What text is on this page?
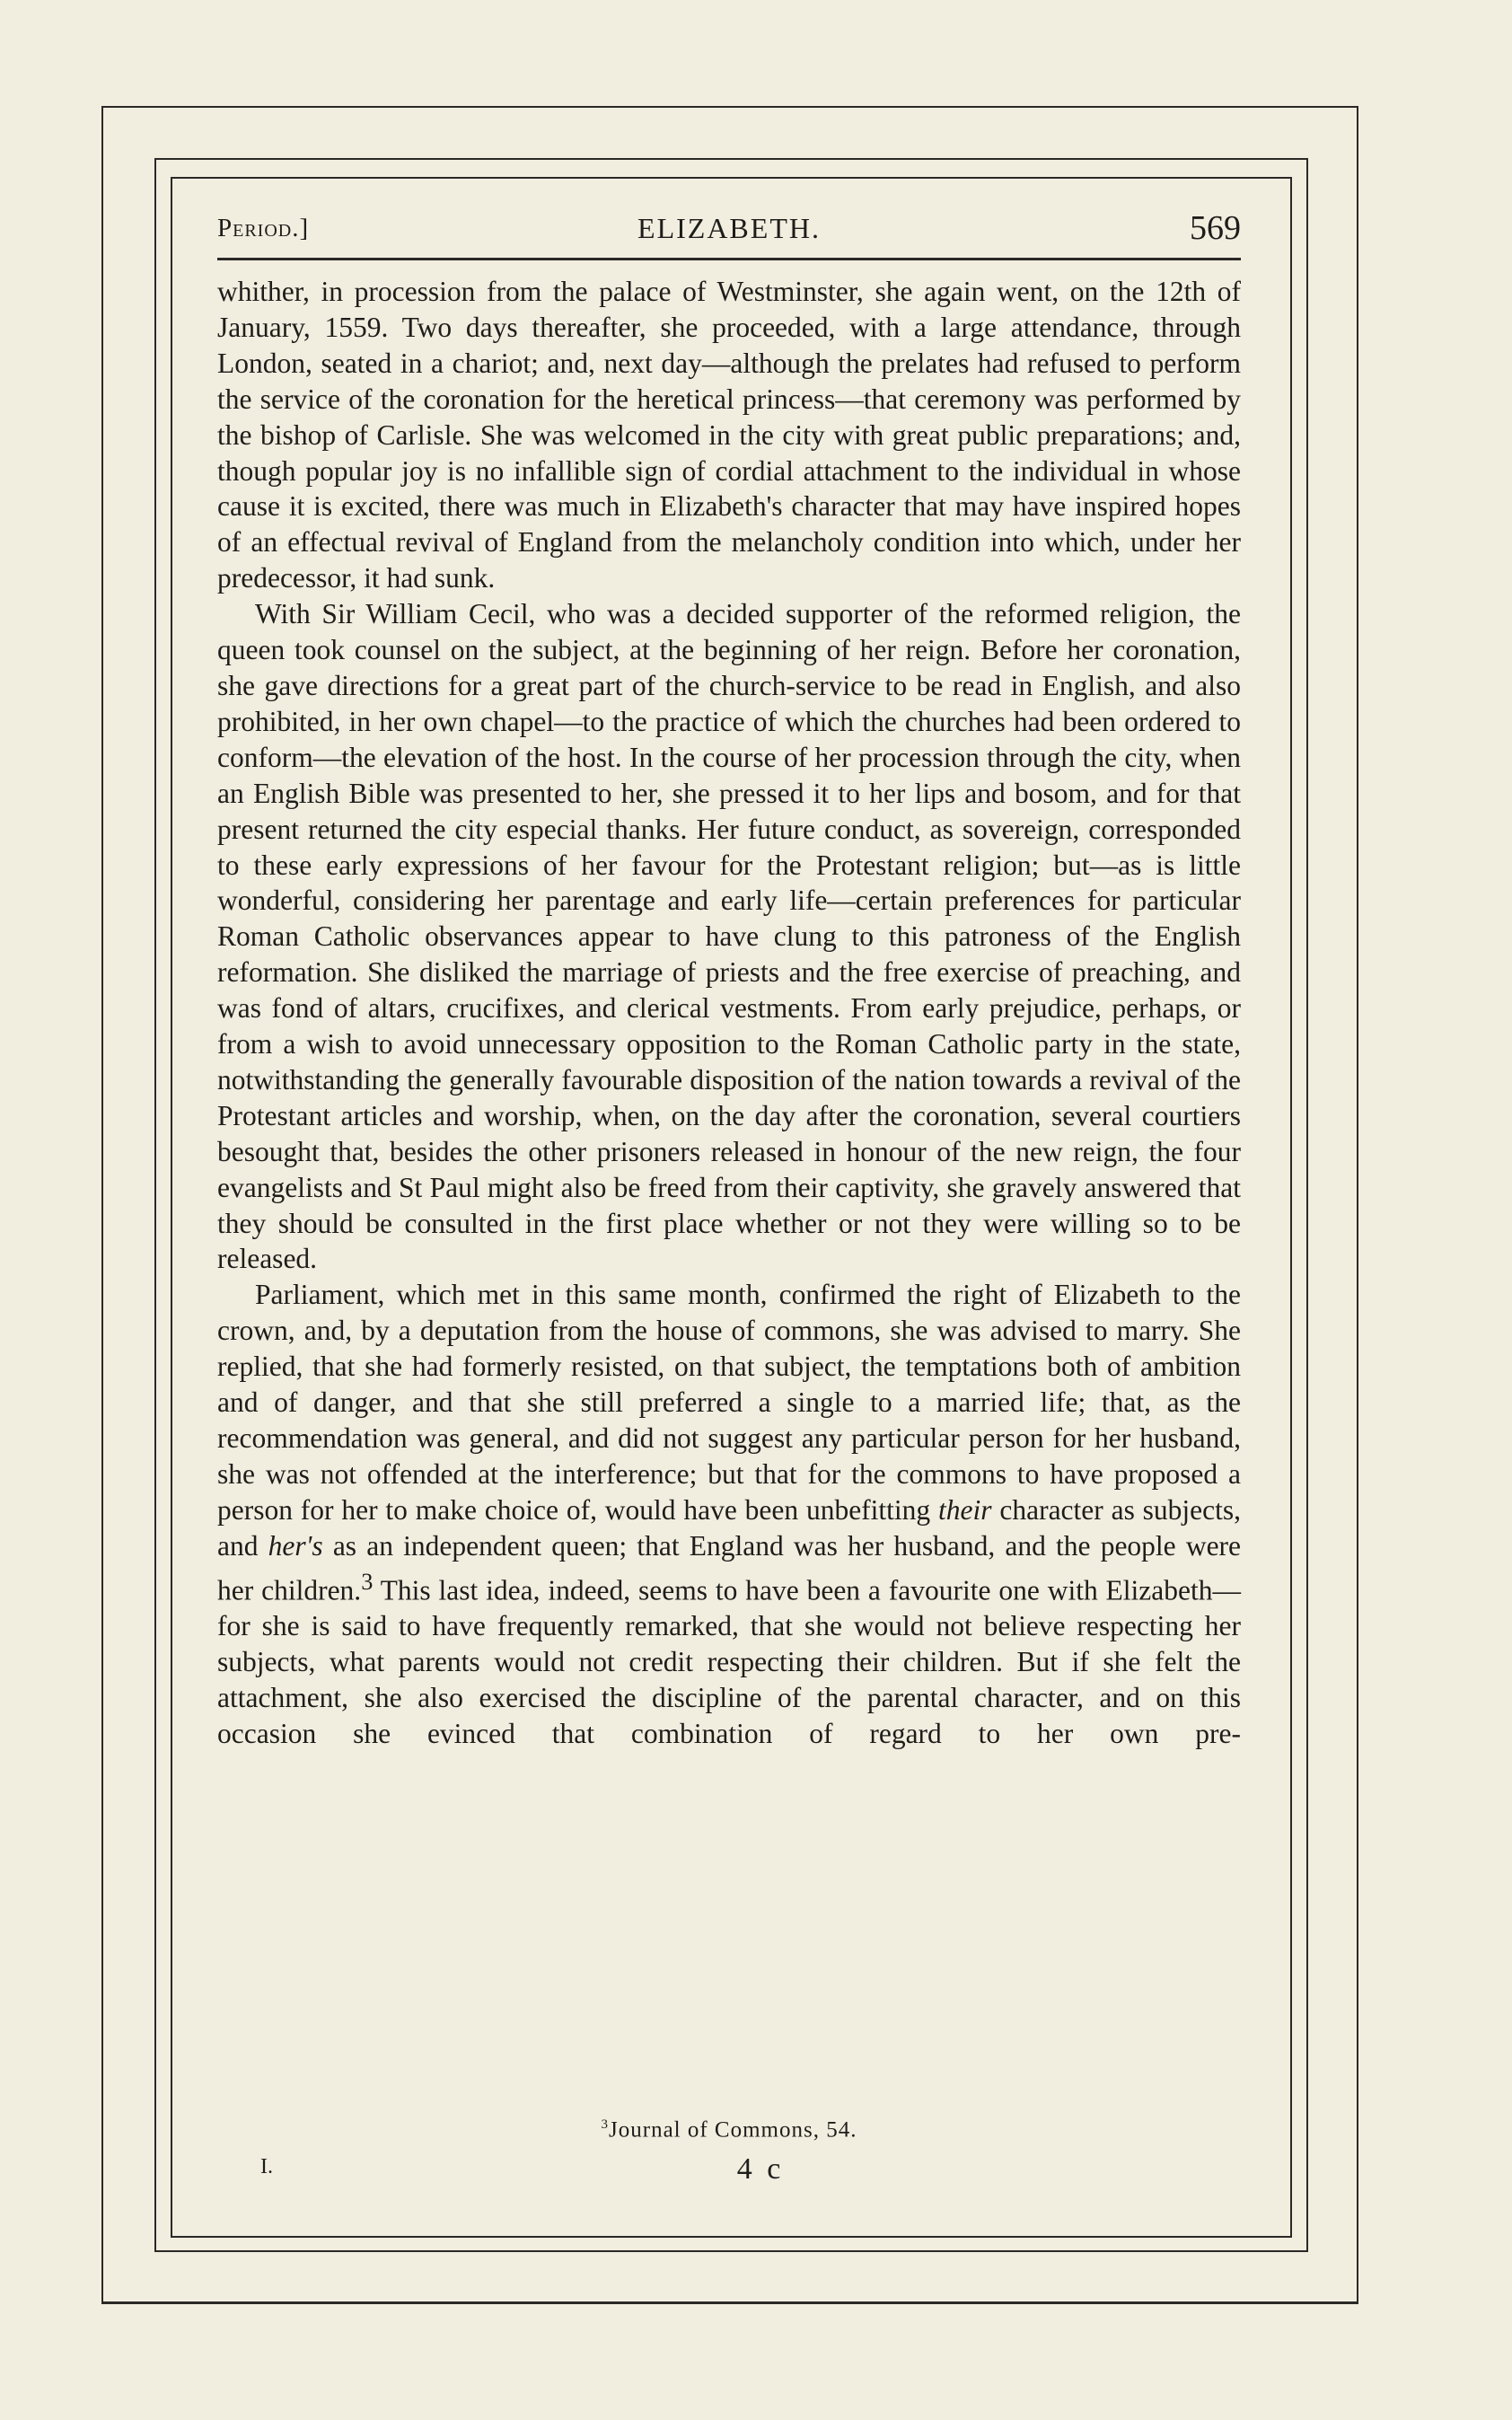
Period.]	ELIZABETH.	569

whither, in procession from the palace of Westminster, she again went, on the 12th of January, 1559. Two days thereafter, she proceeded, with a large attendance, through London, seated in a chariot; and, next day—although the prelates had refused to perform the service of the coronation for the heretical princess—that ceremony was performed by the bishop of Carlisle. She was welcomed in the city with great public preparations; and, though popular joy is no infallible sign of cordial attachment to the individual in whose cause it is excited, there was much in Elizabeth's character that may have inspired hopes of an effectual revival of England from the melancholy condition into which, under her predecessor, it had sunk.

With Sir William Cecil, who was a decided supporter of the reformed religion, the queen took counsel on the subject, at the beginning of her reign. Before her coronation, she gave directions for a great part of the church-service to be read in English, and also prohibited, in her own chapel—to the practice of which the churches had been ordered to conform—the elevation of the host. In the course of her procession through the city, when an English Bible was presented to her, she pressed it to her lips and bosom, and for that present returned the city especial thanks. Her future conduct, as sovereign, corresponded to these early expressions of her favour for the Protestant religion; but—as is little wonderful, considering her parentage and early life—certain preferences for particular Roman Catholic observances appear to have clung to this patroness of the English reformation. She disliked the marriage of priests and the free exercise of preaching, and was fond of altars, crucifixes, and clerical vestments. From early prejudice, perhaps, or from a wish to avoid unnecessary opposition to the Roman Catholic party in the state, notwithstanding the generally favourable disposition of the nation towards a revival of the Protestant articles and worship, when, on the day after the coronation, several courtiers besought that, besides the other prisoners released in honour of the new reign, the four evangelists and St Paul might also be freed from their captivity, she gravely answered that they should be consulted in the first place whether or not they were willing so to be released.

Parliament, which met in this same month, confirmed the right of Elizabeth to the crown, and, by a deputation from the house of commons, she was advised to marry. She replied, that she had formerly resisted, on that subject, the temptations both of ambition and of danger, and that she still preferred a single to a married life; that, as the recommendation was general, and did not suggest any particular person for her husband, she was not offended at the interference; but that for the commons to have proposed a person for her to make choice of, would have been unbefitting their character as subjects, and her's as an independent queen; that England was her husband, and the people were her children.$^3$ This last idea, indeed, seems to have been a favourite one with Elizabeth—for she is said to have frequently remarked, that she would not believe respecting her subjects, what parents would not credit respecting their children. But if she felt the attachment, she also exercised the discipline of the parental character, and on this occasion she evinced that combination of regard to her own pre-

$^3$Journal of Commons, 54.
I.	4 c
